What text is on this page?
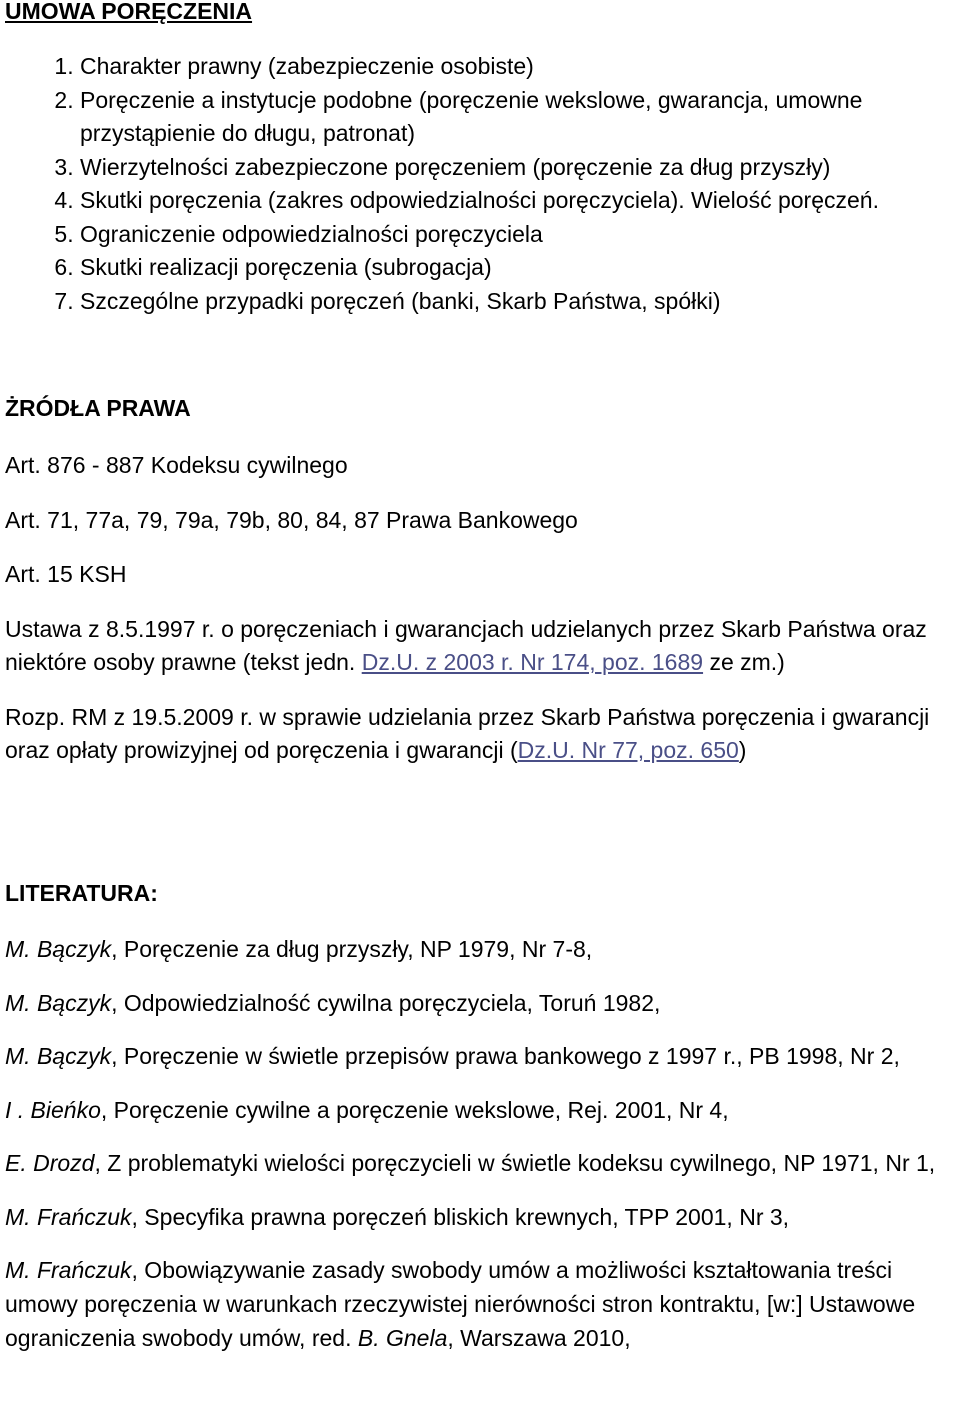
UMOWA PORĘCZENIA
1. Charakter prawny (zabezpieczenie osobiste)
2. Poręczenie a instytucje podobne (poręczenie wekslowe, gwarancja, umowne przystąpienie do długu, patronat)
3. Wierzytelności zabezpieczone poręczeniem (poręczenie za dług przyszły)
4. Skutki poręczenia (zakres odpowiedzialności poręczyciela). Wielość poręczeń.
5. Ograniczenie odpowiedzialności poręczyciela
6. Skutki realizacji poręczenia (subrogacja)
7. Szczególne przypadki poręczeń (banki, Skarb Państwa, spółki)
ŻRÓDŁA PRAWA

Art. 876 - 887 Kodeksu cywilnego

Art. 71, 77a, 79, 79a, 79b, 80, 84, 87 Prawa Bankowego

Art. 15 KSH

Ustawa z 8.5.1997 r. o poręczeniach i gwarancjach udzielanych przez Skarb Państwa oraz niektóre osoby prawne (tekst jedn. Dz.U. z 2003 r. Nr 174, poz. 1689 ze zm.)

Rozp. RM z 19.5.2009 r. w sprawie udzielania przez Skarb Państwa poręczenia i gwarancji oraz opłaty prowizyjnej od poręczenia i gwarancji (Dz.U. Nr 77, poz. 650)

LITERATURA:

M. Bączyk, Poręczenie za dług przyszły, NP 1979, Nr 7-8,

M. Bączyk, Odpowiedzialność cywilna poręczyciela, Toruń 1982,

M. Bączyk, Poręczenie w świetle przepisów prawa bankowego z 1997 r., PB 1998, Nr 2,

I . Bieńko, Poręczenie cywilne a poręczenie wekslowe, Rej. 2001, Nr 4,

E. Drozd, Z problematyki wielości poręczycieli w świetle kodeksu cywilnego, NP 1971, Nr 1,

M. Frańczuk, Specyfika prawna poręczeń bliskich krewnych, TPP 2001, Nr 3,

M. Frańczuk, Obowiązywanie zasady swobody umów a możliwości kształtowania treści umowy poręczenia w warunkach rzeczywistej nierówności stron kontraktu, [w:] Ustawowe ograniczenia swobody umów, red. B. Gnela, Warszawa 2010,
